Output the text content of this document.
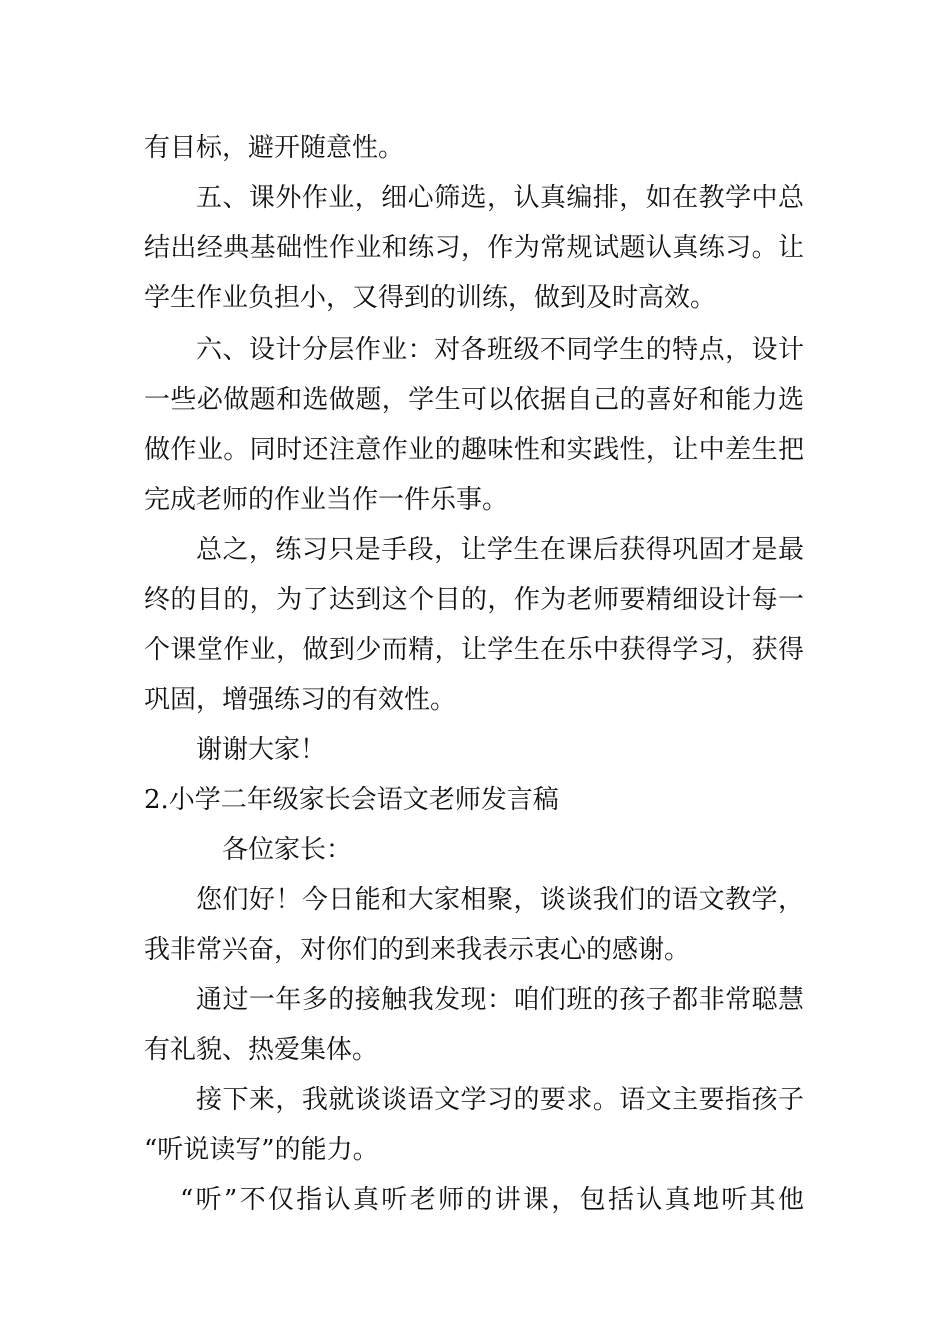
有目标，避开随意性。
五、课外作业，细心筛选，认真编排，如在教学中总
结出经典基础性作业和练习，作为常规试题认真练习。让
学生作业负担小，又得到的训练，做到及时高效。
六、设计分层作业：对各班级不同学生的特点，设计
一些必做题和选做题，学生可以依据自己的喜好和能力选
做作业。同时还注意作业的趣味性和实践性，让中差生把
完成老师的作业当作一件乐事。
总之，练习只是手段，让学生在课后获得巩固才是最
终的目的，为了达到这个目的，作为老师要精细设计每一
个课堂作业，做到少而精，让学生在乐中获得学习，获得
巩固，增强练习的有效性。
谢谢大家！
2.小学二年级家长会语文老师发言稿
各位家长：
您们好！今日能和大家相聚，谈谈我们的语文教学，
我非常兴奋，对你们的到来我表示衷心的感谢。
通过一年多的接触我发现：咱们班的孩子都非常聪慧
有礼貌、热爱集体。
接下来，我就谈谈语文学习的要求。语文主要指孩子
“听说读写”的能力。
“听”不仅指认真听老师的讲课，包括认真地听其他
